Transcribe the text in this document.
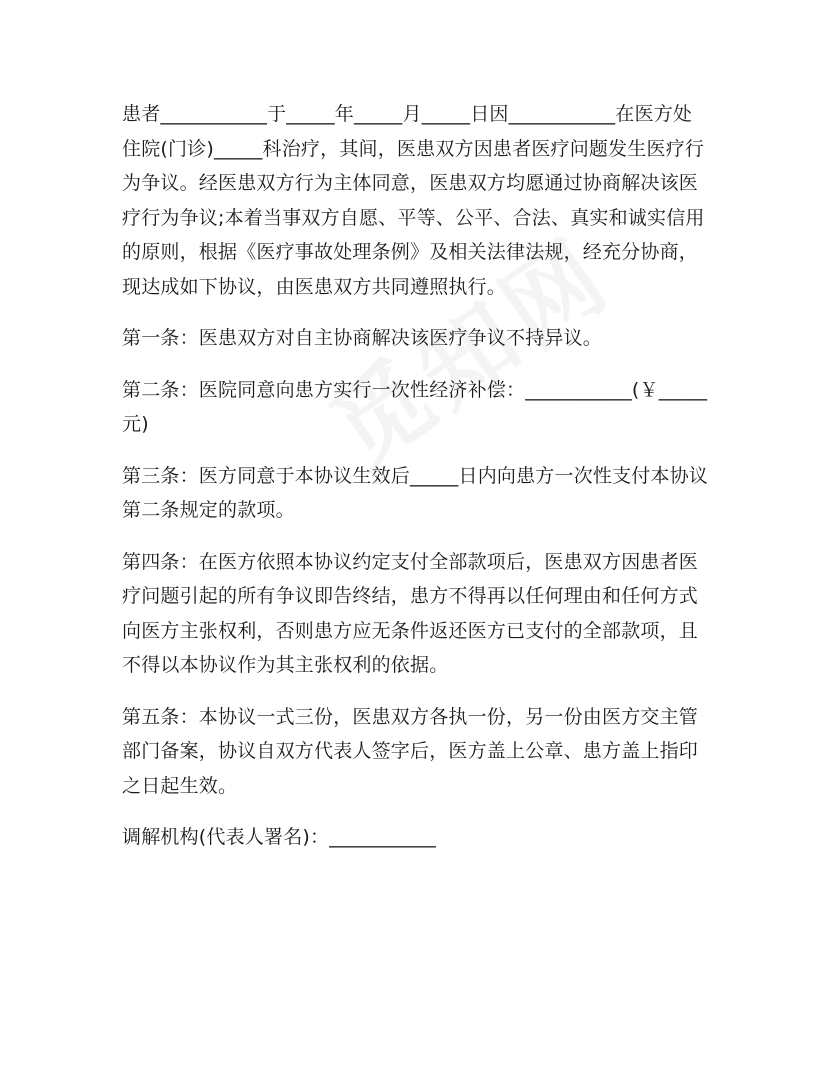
患者___________于_____年_____月_____日因___________在医方处
住院(门诊)_____科治疗，其间，医患双方因患者医疗问题发生医疗行
为争议。经医患双方行为主体同意，医患双方均愿通过协商解决该医
疗行为争议;本着当事双方自愿、平等、公平、合法、真实和诚实信用
的原则，根据《医疗事故处理条例》及相关法律法规，经充分协商，
现达成如下协议，由医患双方共同遵照执行。

第一条：医患双方对自主协商解决该医疗争议不持异议。

第二条：医院同意向患方实行一次性经济补偿：___________(￥_____
元)

第三条：医方同意于本协议生效后_____日内向患方一次性支付本协议
第二条规定的款项。

第四条：在医方依照本协议约定支付全部款项后，医患双方因患者医
疗问题引起的所有争议即告终结，患方不得再以任何理由和任何方式
向医方主张权利，否则患方应无条件返还医方已支付的全部款项，且
不得以本协议作为其主张权利的依据。

第五条：本协议一式三份，医患双方各执一份，另一份由医方交主管
部门备案，协议自双方代表人签字后，医方盖上公章、患方盖上指印
之日起生效。

调解机构(代表人署名)：___________
